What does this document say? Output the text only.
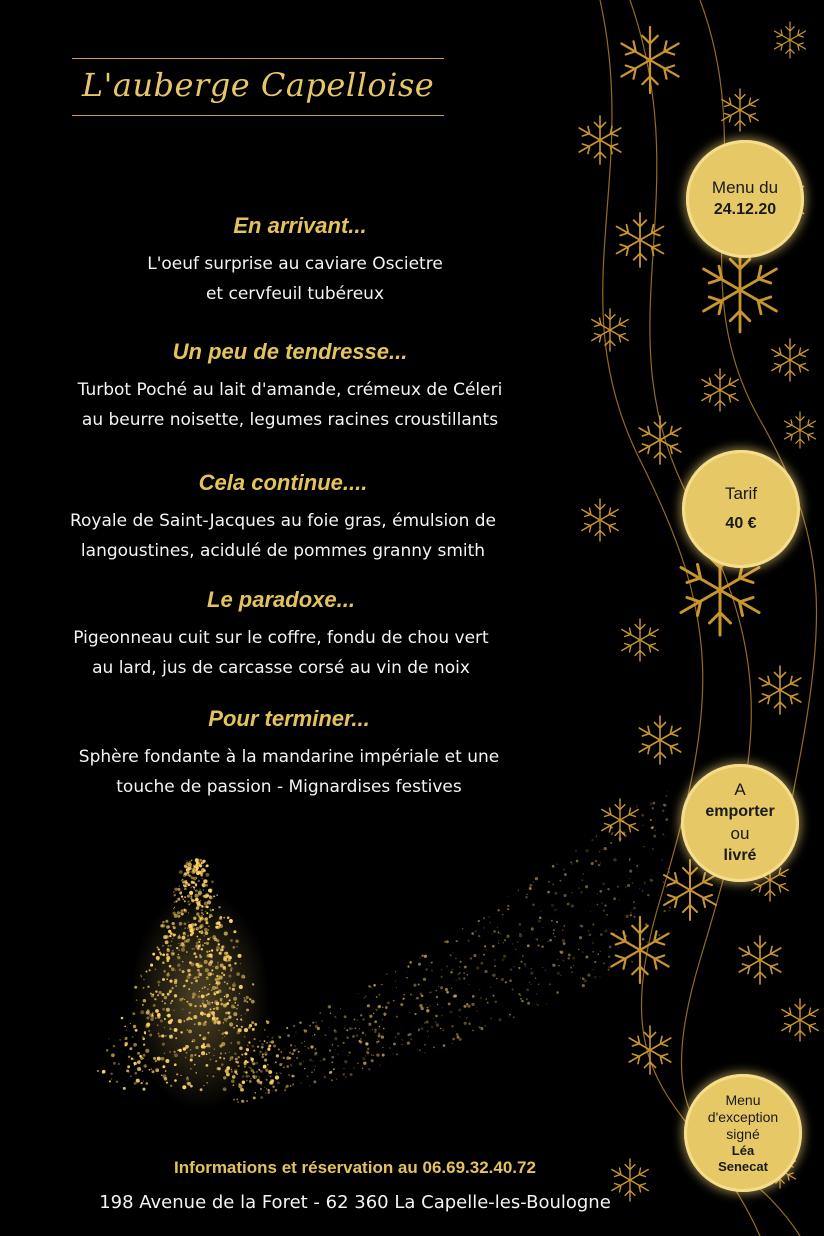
L'auberge Capelloise
En arrivant...

L'oeuf surprise au caviare Oscietre
et cervfeuil tubéreux

Un peu de tendresse...

Turbot Poché au lait d'amande, crémeux de Céleri
au beurre noisette, legumes racines croustillants

Cela continue....

Royale de Saint-Jacques au foie gras, émulsion de
langoustines, acidulé de pommes granny smith

Le paradoxe...

Pigeonneau cuit sur le coffre, fondu de chou vert
au lard, jus de carcasse corsé au vin de noix

Pour terminer...

Sphère fondante à la mandarine impériale et une
touche de passion - Mignardises festives

Menu du
24.12.20
Tarif
40 €
A
emporter
ou
livré
Menu
d'exception
signé
Léa
Senecat
Informations et réservation au 06.69.32.40.72
198 Avenue de la Foret - 62 360 La Capelle-les-Boulogne
